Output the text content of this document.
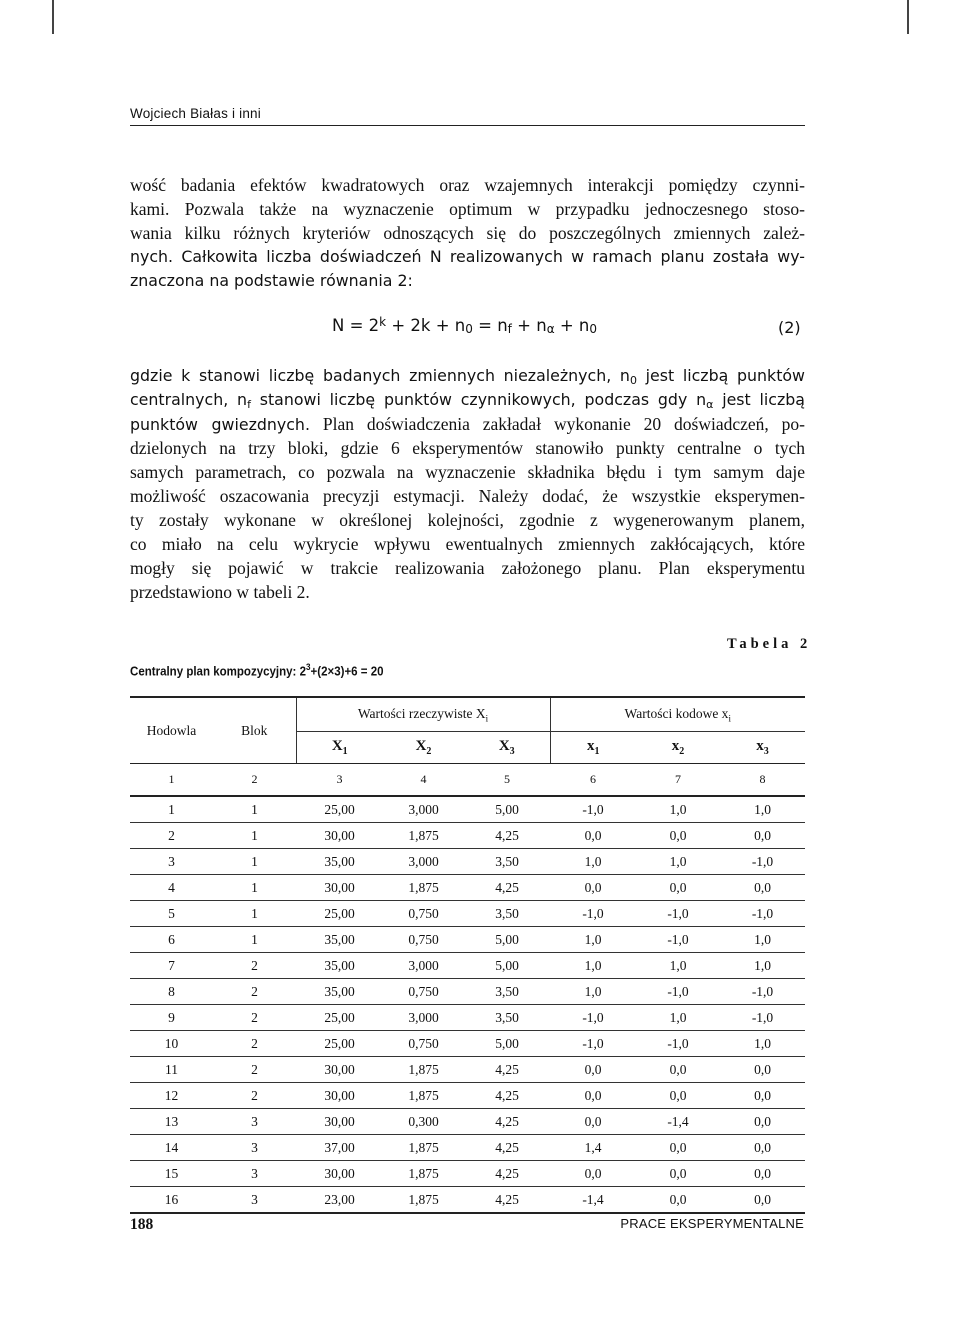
Wojciech Białas i inni
wość badania efektów kwadratowych oraz wzajemnych interakcji pomiędzy czynni-
kami. Pozwala także na wyznaczenie optimum w przypadku jednoczesnego stoso-
wania kilku różnych kryteriów odnoszących się do poszczególnych zmiennych zależ-
nych. Całkowita liczba doświadczeń N realizowanych w ramach planu została wy-
znaczona na podstawie równania 2:
$N = 2^k + 2k + n_0 = n_f + n_\alpha + n_0$	(2)
gdzie k stanowi liczbę badanych zmiennych niezależnych, n0 jest liczbą punktów
centralnych, nf stanowi liczbę punktów czynnikowych, podczas gdy nα jest liczbą
punktów gwiezdnych. Plan doświadczenia zakładał wykonanie 20 doświadczeń, po-
dzielonych na trzy bloki, gdzie 6 eksperymentów stanowiło punkty centralne o tych
samych parametrach, co pozwala na wyznaczenie składnika błędu i tym samym daje
możliwość oszacowania precyzji estymacji. Należy dodać, że wszystkie eksperymen-
ty zostały wykonane w określonej kolejności, zgodnie z wygenerowanym planem,
co miało na celu wykrycie wpływu ewentualnych zmiennych zakłócających, które
mogły się pojawić w trakcie realizowania założonego planu. Plan eksperymentu
przedstawiono w tabeli 2.
Tabela 2
Centralny plan kompozycyjny: $2^3+(2\times 3)+6 = 20$
Hodowla	Blok	Wartości rzeczywiste $X_i$			Wartości kodowe $x_i$
		$X_1$	$X_2$	$X_3$	$x_1$	$x_2$	$x_3$
1	2	3	4	5	6	7	8
1	1	25,00	3,000	5,00	-1,0	1,0	1,0
2	1	30,00	1,875	4,25	0,0	0,0	0,0
3	1	35,00	3,000	3,50	1,0	1,0	-1,0
4	1	30,00	1,875	4,25	0,0	0,0	0,0
5	1	25,00	0,750	3,50	-1,0	-1,0	-1,0
6	1	35,00	0,750	5,00	1,0	-1,0	1,0
7	2	35,00	3,000	5,00	1,0	1,0	1,0
8	2	35,00	0,750	3,50	1,0	-1,0	-1,0
9	2	25,00	3,000	3,50	-1,0	1,0	-1,0
10	2	25,00	0,750	5,00	-1,0	-1,0	1,0
11	2	30,00	1,875	4,25	0,0	0,0	0,0
12	2	30,00	1,875	4,25	0,0	0,0	0,0
13	3	30,00	0,300	4,25	0,0	-1,4	0,0
14	3	37,00	1,875	4,25	1,4	0,0	0,0
15	3	30,00	1,875	4,25	0,0	0,0	0,0
16	3	23,00	1,875	4,25	-1,4	0,0	0,0
188	PRACE EKSPERYMENTALNE
